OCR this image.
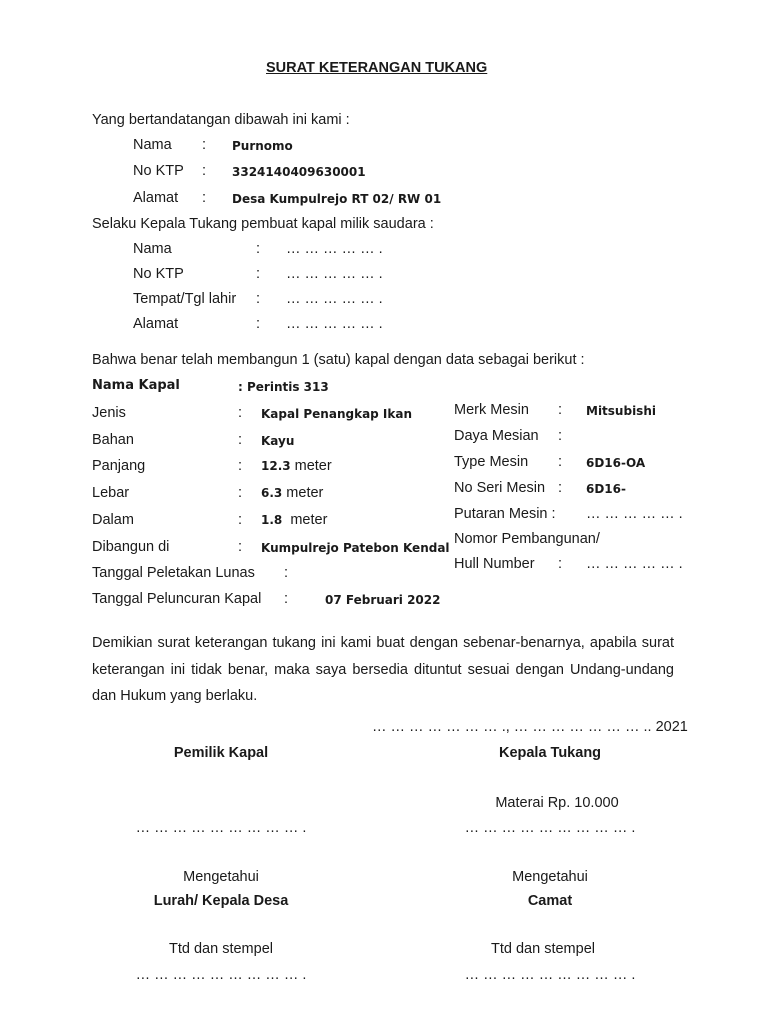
SURAT KETERANGAN TUKANG
Yang bertandatangan dibawah ini kami :
Nama : Purnomo
No KTP : 3324140409630001
Alamat : Desa Kumpulrejo RT 02/ RW 01
Selaku Kepala Tukang pembuat kapal milik saudara :
Nama	: … … … … … .
No KTP	: … … … … … .
Tempat/Tgl lahir : … … … … … .
Alamat	: … … … … … .
Bahwa benar telah membangun 1 (satu) kapal dengan data sebagai berikut :
Nama Kapal	: Perintis 313
Jenis	: Kapal Penangkap Ikan
Bahan	: Kayu
Panjang	: 12.3 meter
Lebar	: 6.3 meter
Dalam	: 1.8 meter
Dibangun di	: Kumpulrejo Patebon Kendal
Tanggal Peletakan Lunas :
Tanggal Peluncuran Kapal :	07 Februari 2022
Merk Mesin : Mitsubishi
Daya Mesian :
Type Mesin : 6D16-OA
No Seri Mesin : 6D16-
Putaran Mesin : … … … … … .
Nomor Pembangunan/
Hull Number : … … … … … .
Demikian surat keterangan tukang ini kami buat dengan sebenar-benarnya, apabila surat keterangan ini tidak benar, maka saya bersedia dituntut sesuai dengan Undang-undang dan Hukum yang berlaku.
… … … … … … … ., … … … … … … … .. 2021
Pemilik Kapal	Kepala Tukang
Materai Rp. 10.000
… … … … … … … … … .	… … … … … … … … … .
Mengetahui	Mengetahui
Lurah/ Kepala Desa	Camat
Ttd dan stempel	Ttd dan stempel
… … … … … … … … … .	… … … … … … … … … .
